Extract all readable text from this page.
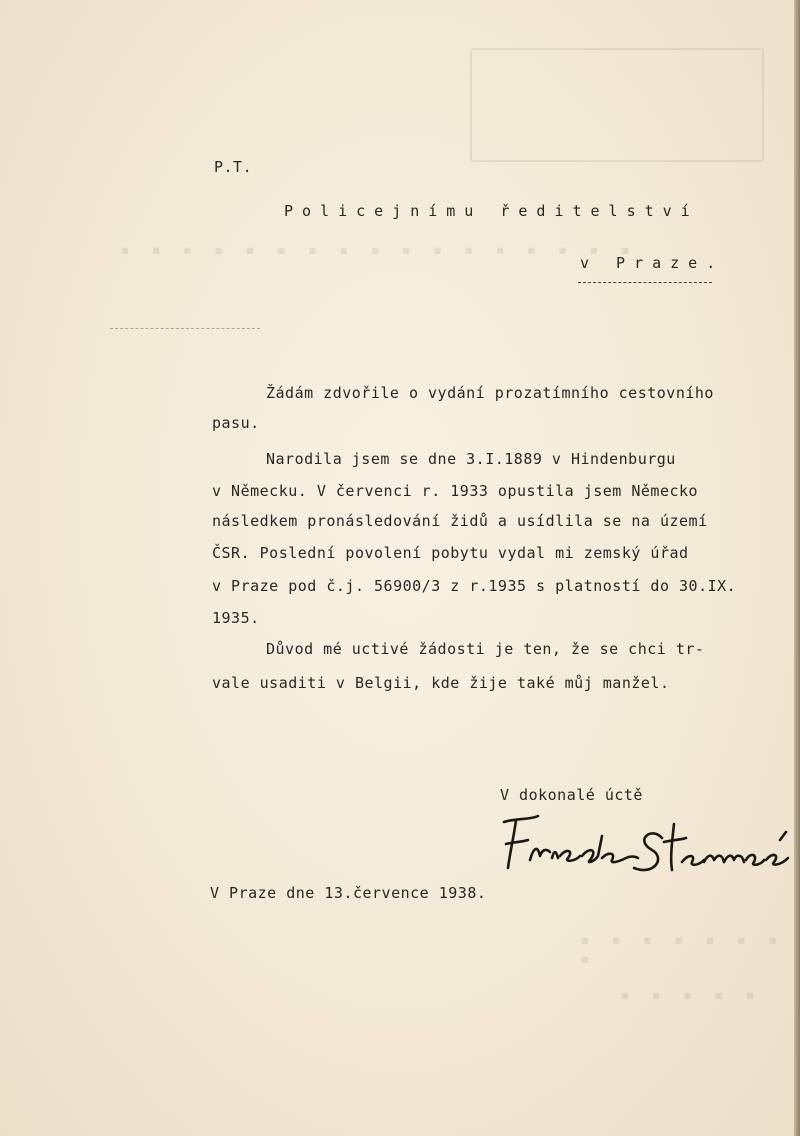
▪ ▪ ▪ ▪ ▪ ▪ ▪ ▪ ▪ ▪ ▪ ▪ ▪ ▪ ▪ ▪ ▪
▪ ▪ ▪ ▪ ▪ ▪ ▪ ▪
▪ ▪ ▪ ▪ ▪
P.T.
Policejnímu ředitelství
v Praze.
Žádám zdvořile o vydání prozatímního cestovního
pasu.
Narodila jsem se dne 3.I.1889 v Hindenburgu
v Německu. V červenci r. 1933 opustila jsem Německo
následkem pronásledování židů a usídlila se na území
ČSR. Poslední povolení pobytu vydal mi zemský úřad
v Praze pod č.j. 56900/3 z r.1935 s platností do 30.IX.
1935.
Důvod mé uctivé žádosti je ten, že se chci tr-
vale usaditi v Belgii, kde žije také můj manžel.
V dokonalé úctě
V Praze dne 13.července 1938.
